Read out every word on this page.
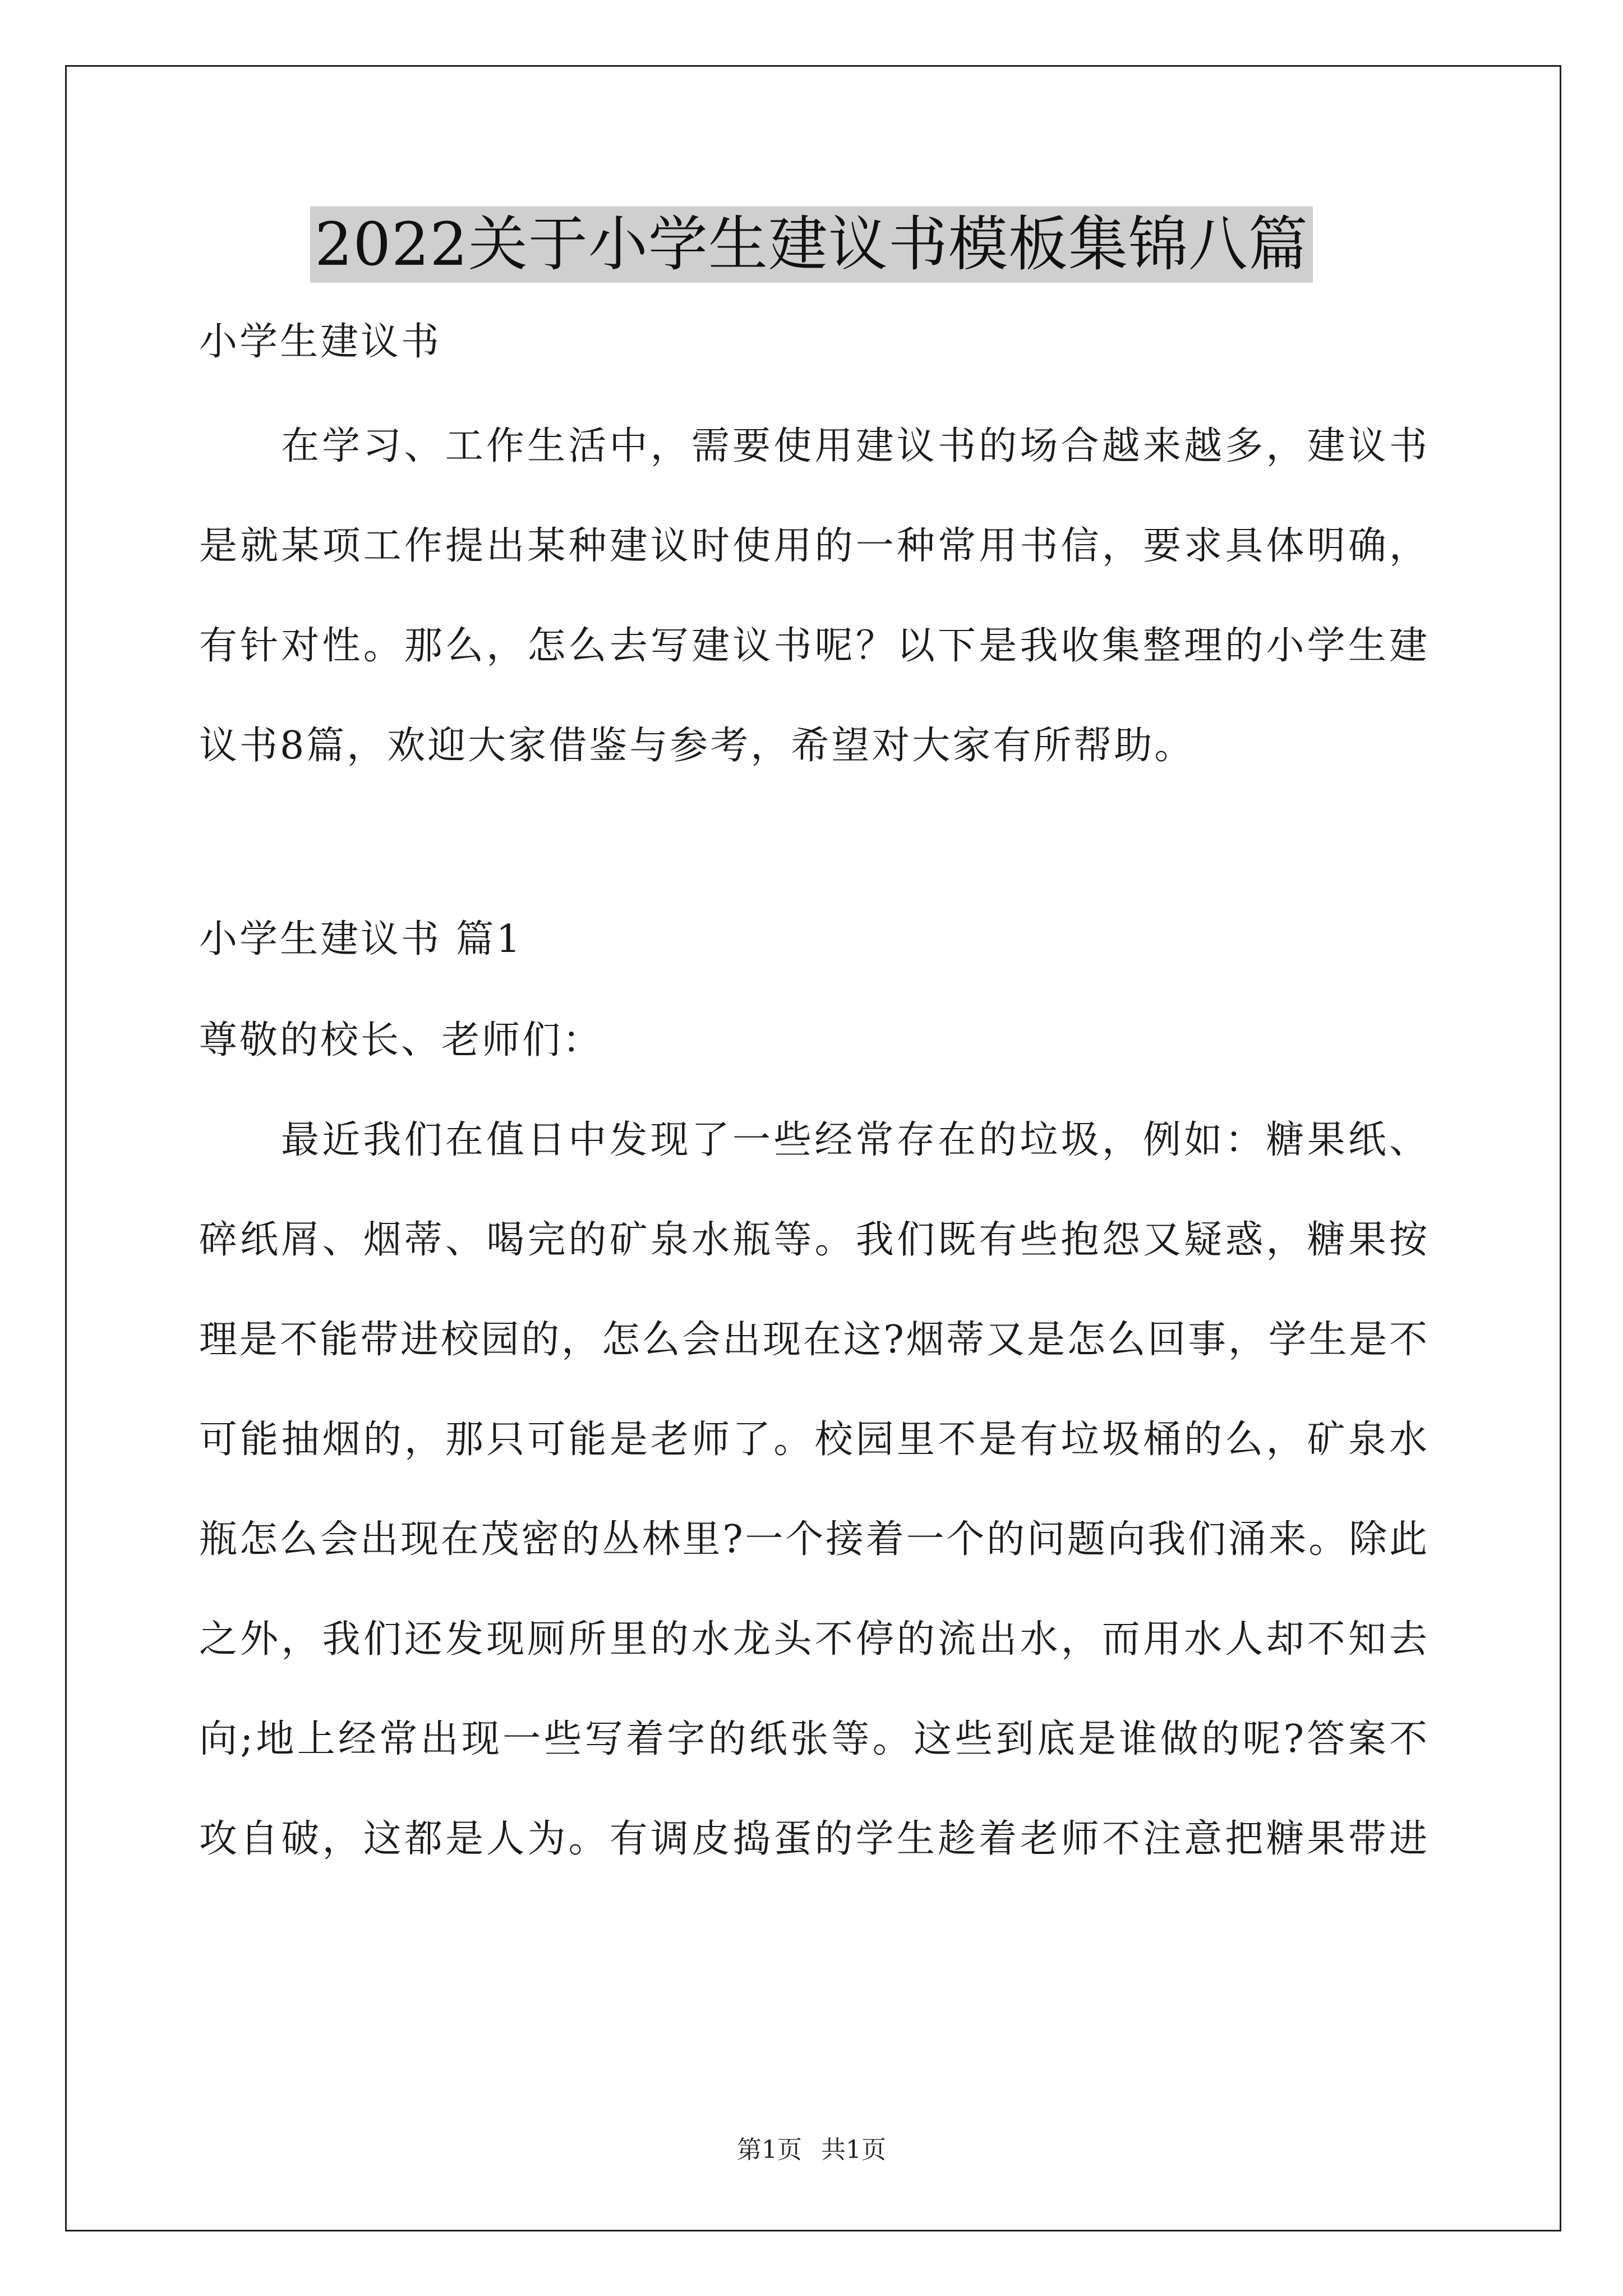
2022关于小学生建议书模板集锦八篇
小学生建议书
在学习、工作生活中，需要使用建议书的场合越来越多，建议书
是就某项工作提出某种建议时使用的一种常用书信，要求具体明确，
有针对性。那么，怎么去写建议书呢？以下是我收集整理的小学生建
议书8篇，欢迎大家借鉴与参考，希望对大家有所帮助。
小学生建议书 篇1
尊敬的校长、老师们：
最近我们在值日中发现了一些经常存在的垃圾，例如：糖果纸、
碎纸屑、烟蒂、喝完的矿泉水瓶等。我们既有些抱怨又疑惑，糖果按
理是不能带进校园的，怎么会出现在这?烟蒂又是怎么回事，学生是不
可能抽烟的，那只可能是老师了。校园里不是有垃圾桶的么，矿泉水
瓶怎么会出现在茂密的丛林里?一个接着一个的问题向我们涌来。除此
之外，我们还发现厕所里的水龙头不停的流出水，而用水人却不知去
向;地上经常出现一些写着字的纸张等。这些到底是谁做的呢?答案不
攻自破，这都是人为。有调皮捣蛋的学生趁着老师不注意把糖果带进
第1页 共1页
